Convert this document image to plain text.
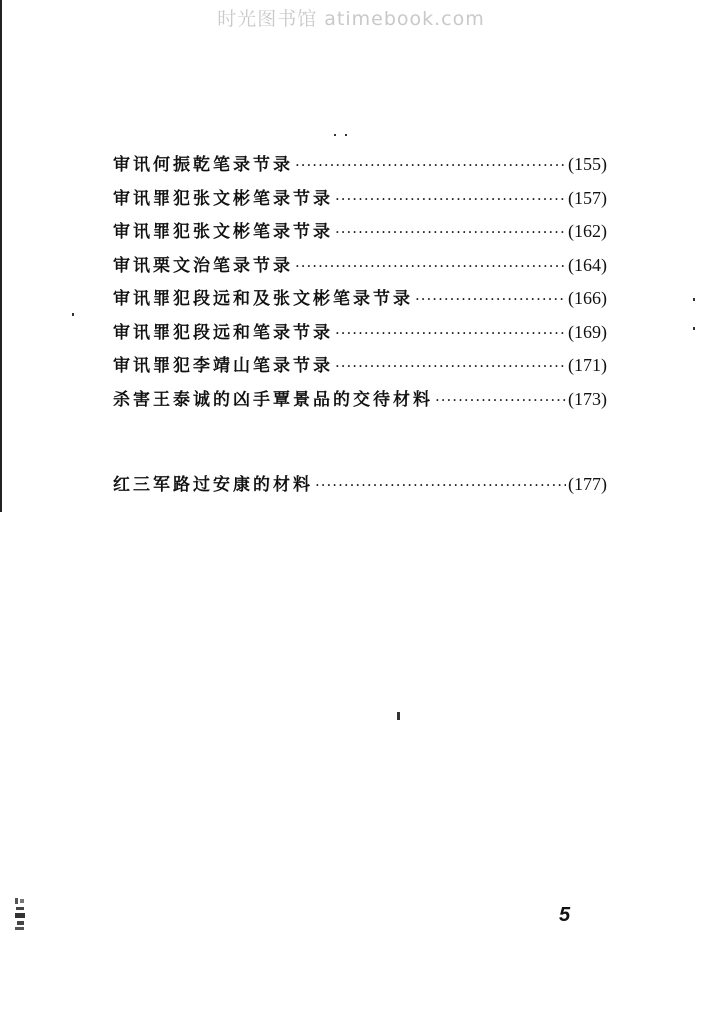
时光图书馆 atimebook.com
审讯何振乾笔录节录 ·····	(155)
审讯罪犯张文彬笔录节录 ·····	(157)
审讯罪犯张文彬笔录节录 ·····	(162)
审讯栗文治笔录节录 ·····	(164)
审讯罪犯段远和及张文彬笔录节录 ·····	(166)
审讯罪犯段远和笔录节录 ·····	(169)
审讯罪犯李靖山笔录节录 ·····	(171)
杀害王泰诚的凶手覃景品的交待材料 ·····	(173)
红三军路过安康的材料 ·····	(177)
5
